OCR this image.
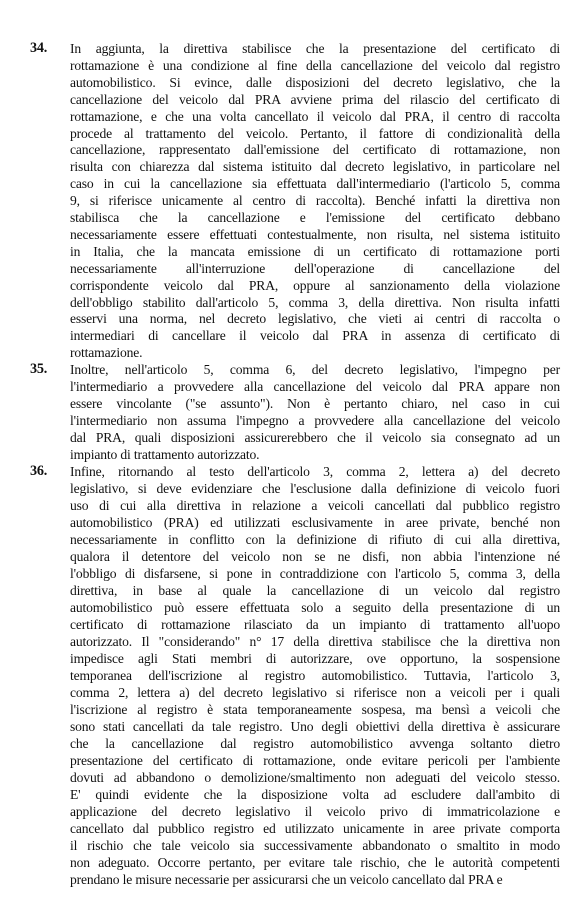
34. In aggiunta, la direttiva stabilisce che la presentazione del certificato di
rottamazione è una condizione al fine della cancellazione del veicolo dal registro
automobilistico. Si evince, dalle disposizioni del decreto legislativo, che la
cancellazione del veicolo dal PRA avviene prima del rilascio del certificato di
rottamazione, e che una volta cancellato il veicolo dal PRA, il centro di raccolta
procede al trattamento del veicolo. Pertanto, il fattore di condizionalità della
cancellazione, rappresentato dall'emissione del certificato di rottamazione, non
risulta con chiarezza dal sistema istituito dal decreto legislativo, in particolare nel
caso in cui la cancellazione sia effettuata dall'intermediario (l'articolo 5, comma
9, si riferisce unicamente al centro di raccolta). Benché infatti la direttiva non
stabilisca che la cancellazione e l'emissione del certificato debbano
necessariamente essere effettuati contestualmente, non risulta, nel sistema istituito
in Italia, che la mancata emissione di un certificato di rottamazione porti
necessariamente all'interruzione dell'operazione di cancellazione del
corrispondente veicolo dal PRA, oppure al sanzionamento della violazione
dell'obbligo stabilito dall'articolo 5, comma 3, della direttiva. Non risulta infatti
esservi una norma, nel decreto legislativo, che vieti ai centri di raccolta o
intermediari di cancellare il veicolo dal PRA in assenza di certificato di
rottamazione.
35. Inoltre, nell'articolo 5, comma 6, del decreto legislativo, l'impegno per
l'intermediario a provvedere alla cancellazione del veicolo dal PRA appare non
essere vincolante ("se assunto"). Non è pertanto chiaro, nel caso in cui
l'intermediario non assuma l'impegno a provvedere alla cancellazione del veicolo
dal PRA, quali disposizioni assicurerebbero che il veicolo sia consegnato ad un
impianto di trattamento autorizzato.
36. Infine, ritornando al testo dell'articolo 3, comma 2, lettera a) del decreto
legislativo, si deve evidenziare che l'esclusione dalla definizione di veicolo fuori
uso di cui alla direttiva in relazione a veicoli cancellati dal pubblico registro
automobilistico (PRA) ed utilizzati esclusivamente in aree private, benché non
necessariamente in conflitto con la definizione di rifiuto di cui alla direttiva,
qualora il detentore del veicolo non se ne disfi, non abbia l'intenzione né
l'obbligo di disfarsene, si pone in contraddizione con l'articolo 5, comma 3, della
direttiva, in base al quale la cancellazione di un veicolo dal registro
automobilistico può essere effettuata solo a seguito della presentazione di un
certificato di rottamazione rilasciato da un impianto di trattamento all'uopo
autorizzato. Il "considerando" n° 17 della direttiva stabilisce che la direttiva non
impedisce agli Stati membri di autorizzare, ove opportuno, la sospensione
temporanea dell'iscrizione al registro automobilistico. Tuttavia, l'articolo 3,
comma 2, lettera a) del decreto legislativo si riferisce non a veicoli per i quali
l'iscrizione al registro è stata temporaneamente sospesa, ma bensì a veicoli che
sono stati cancellati da tale registro. Uno degli obiettivi della direttiva è assicurare
che la cancellazione dal registro automobilistico avvenga soltanto dietro
presentazione del certificato di rottamazione, onde evitare pericoli per l'ambiente
dovuti ad abbandono o demolizione/smaltimento non adeguati del veicolo stesso.
E' quindi evidente che la disposizione volta ad escludere dall'ambito di
applicazione del decreto legislativo il veicolo privo di immatricolazione e
cancellato dal pubblico registro ed utilizzato unicamente in aree private comporta
il rischio che tale veicolo sia successivamente abbandonato o smaltito in modo
non adeguato. Occorre pertanto, per evitare tale rischio, che le autorità competenti
prendano le misure necessarie per assicurarsi che un veicolo cancellato dal PRA e
